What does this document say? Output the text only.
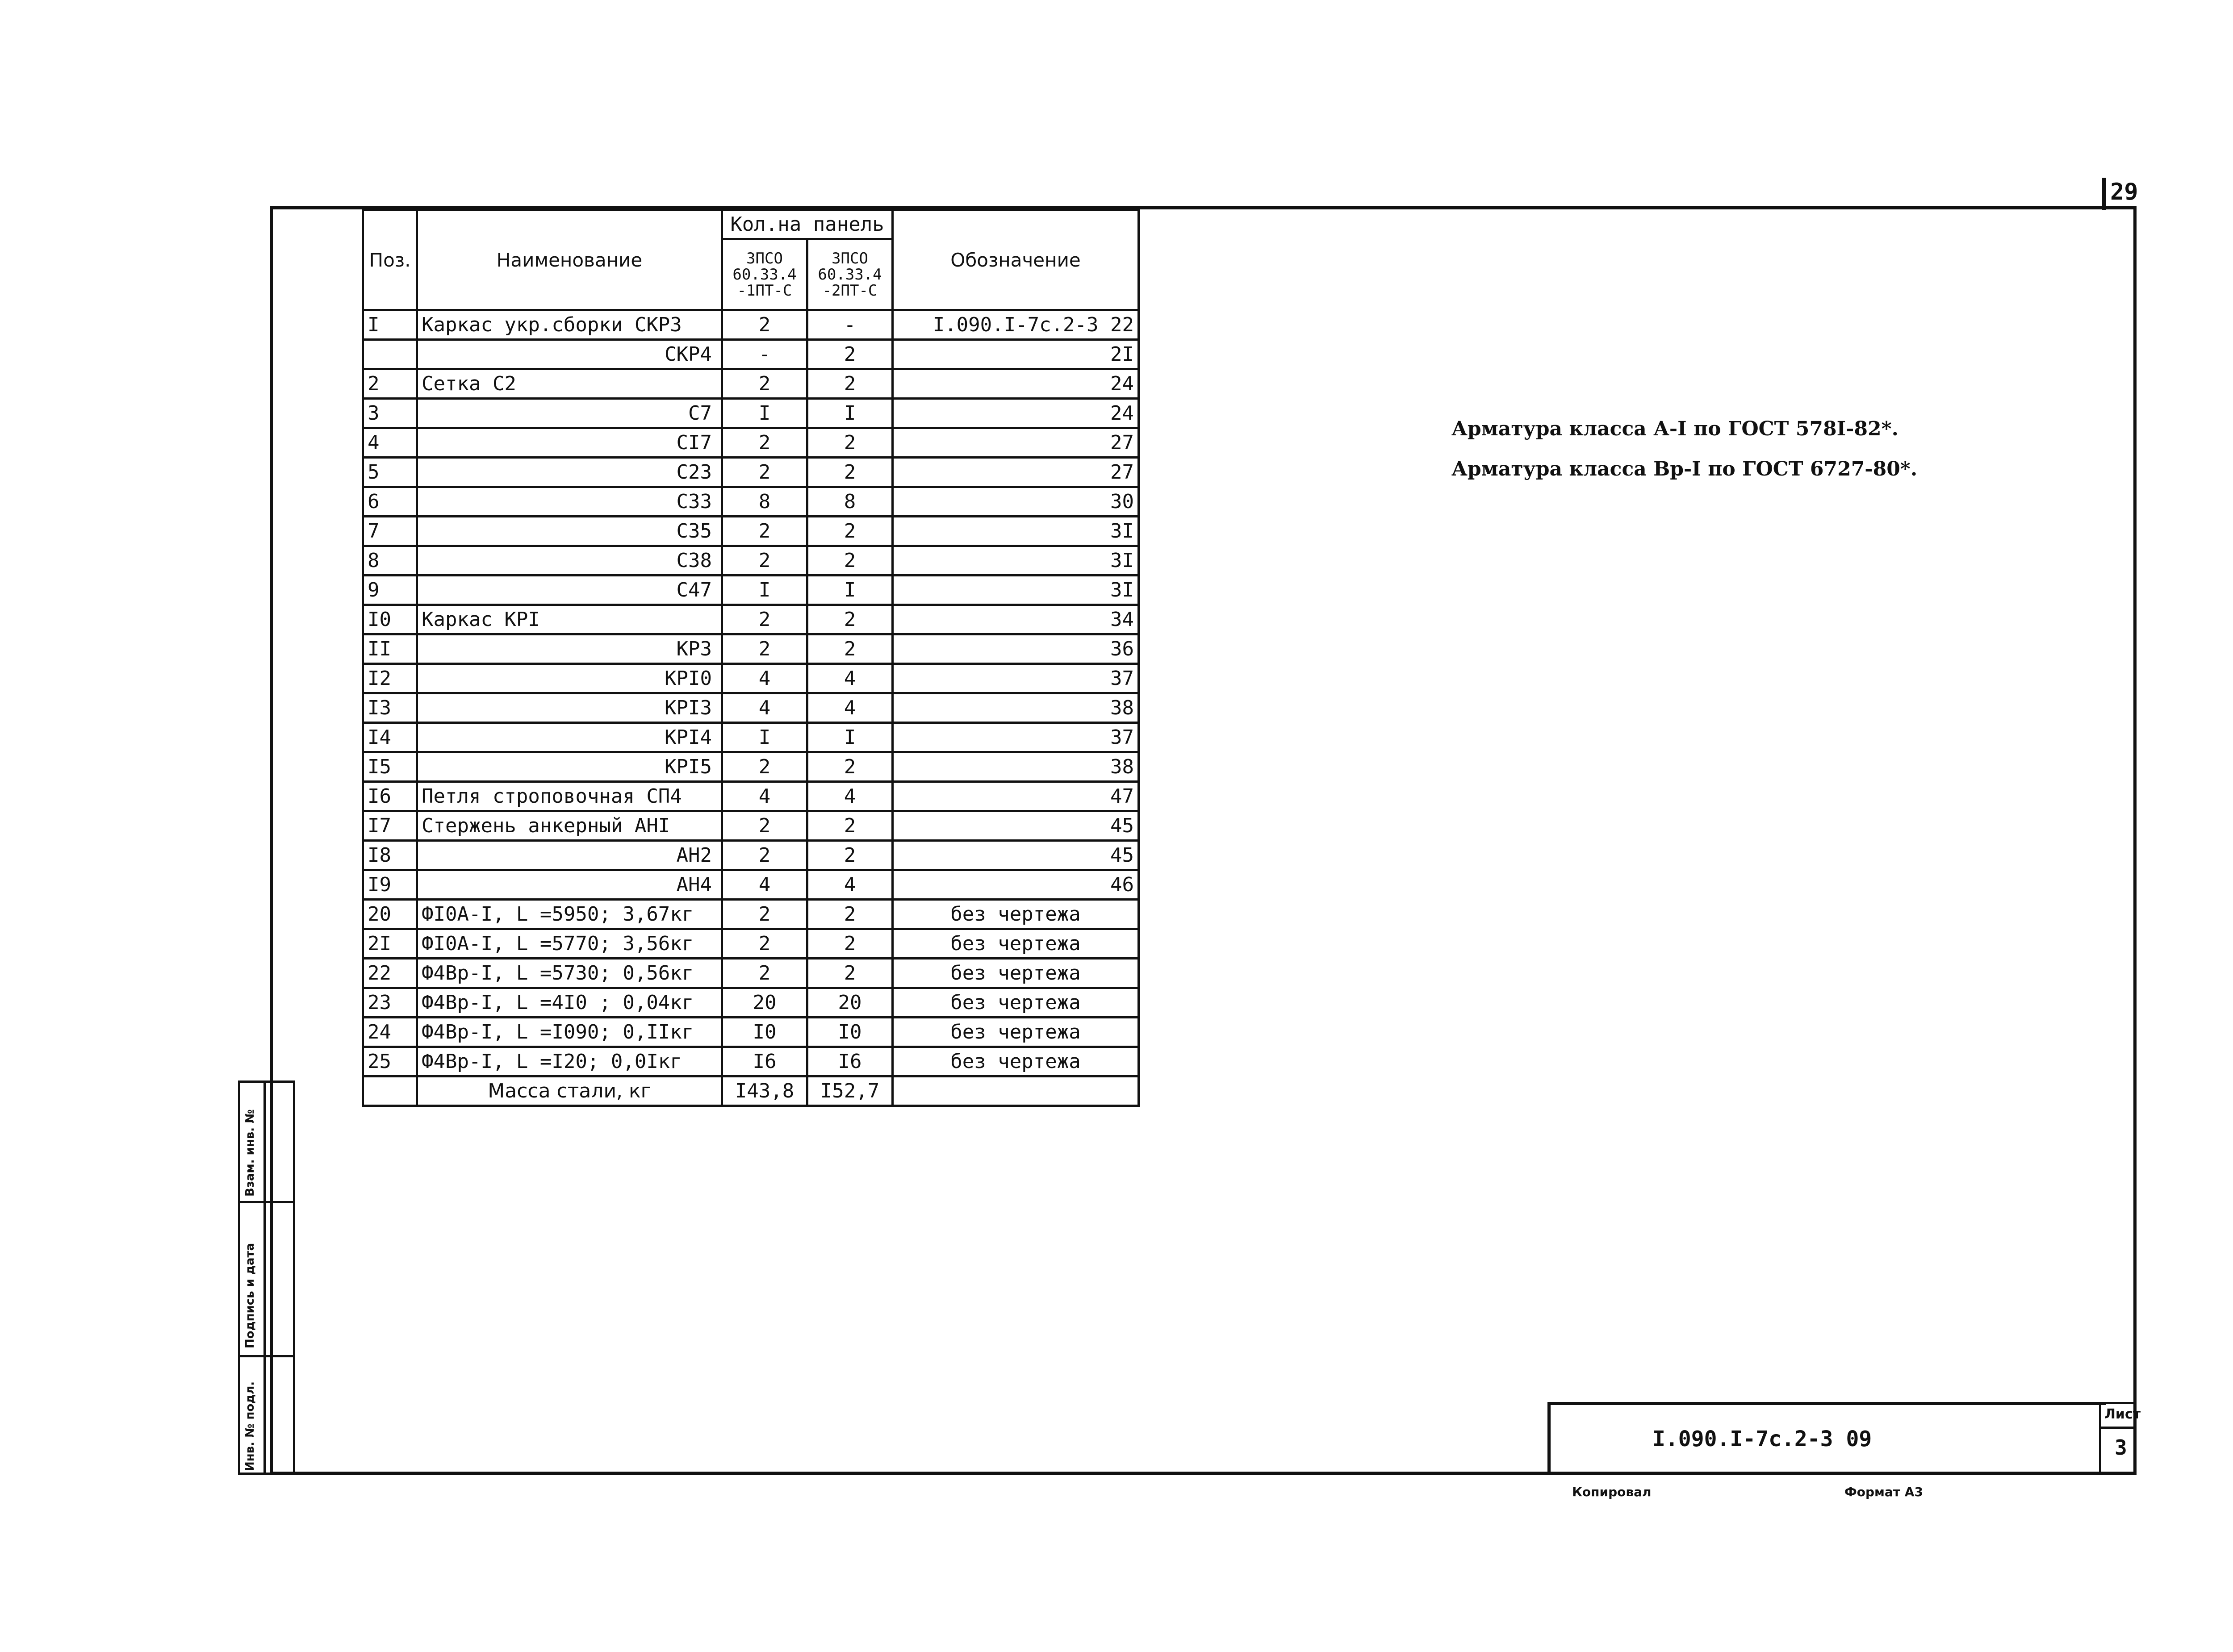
29
Взам. инв. №
Подпись и дата
Инв. № подл.
Поз.	Наименование	Кол.на панель		Обозначение
		3ПСО 60.33.4 -1ПТ-С	3ПСО 60.33.4 -2ПТ-С	
I	Каркас укр.сборки СКР3	2	-	I.090.I-7с.2-3 22
	СКР4	-	2	2I
2	Сетка С2	2	2	24
3	С7	I	I	24
4	СI7	2	2	27
5	С23	2	2	27
6	С33	8	8	30
7	С35	2	2	3I
8	С38	2	2	3I
9	С47	I	I	3I
I0	Каркас КРI	2	2	34
II	КР3	2	2	36
I2	КРI0	4	4	37
I3	КРI3	4	4	38
I4	КРI4	I	I	37
I5	КРI5	2	2	38
I6	Петля строповочная СП4	4	4	47
I7	Стержень анкерный АНI	2	2	45
I8	АН2	2	2	45
I9	АН4	4	4	46
20	ФI0А-I, L =5950; 3,67кг	2	2	без чертежа
2I	ФI0А-I, L =5770; 3,56кг	2	2	без чертежа
22	Ф4Вр-I, L =5730; 0,56кг	2	2	без чертежа
23	Ф4Вр-I, L =4I0 ; 0,04кг	20	20	без чертежа
24	Ф4Вр-I, L =I090; 0,IIкг	I0	I0	без чертежа
25	Ф4Вр-I, L =I20; 0,0Iкг	I6	I6	без чертежа
	Масса стали, кг	I43,8	I52,7	
Арматура класса А-I по ГОСТ 578I-82*.
Арматура класса Вр-I по ГОСТ 6727-80*.
I.090.I-7с.2-3 09
Лист
3
Копировал	Формат А3
